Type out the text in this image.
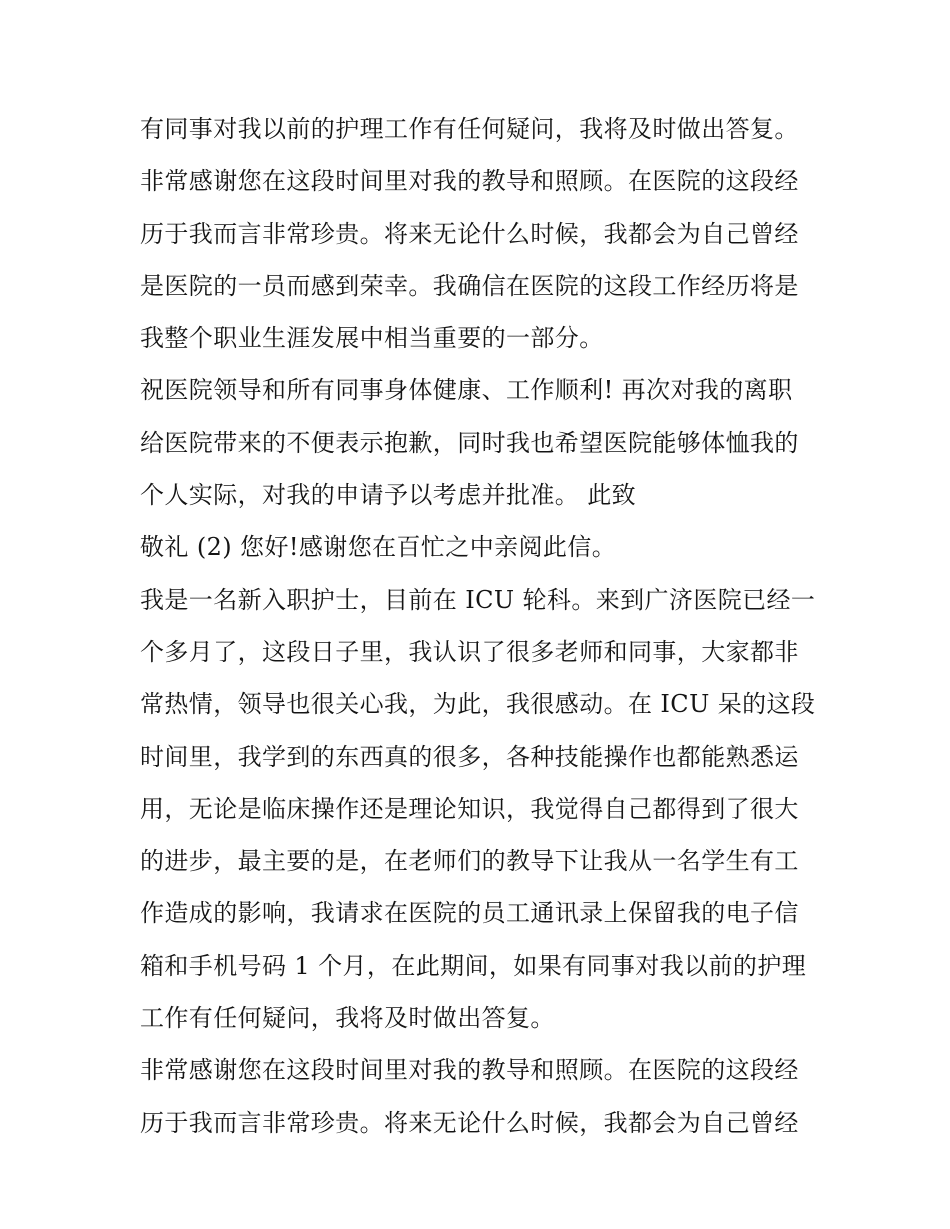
有同事对我以前的护理工作有任何疑问，我将及时做出答复。
非常感谢您在这段时间里对我的教导和照顾。在医院的这段经
历于我而言非常珍贵。将来无论什么时候，我都会为自己曾经
是医院的一员而感到荣幸。我确信在医院的这段工作经历将是
我整个职业生涯发展中相当重要的一部分。
祝医院领导和所有同事身体健康、工作顺利! 再次对我的离职
给医院带来的不便表示抱歉，同时我也希望医院能够体恤我的
个人实际，对我的申请予以考虑并批准。 此致
敬礼 (2) 您好!感谢您在百忙之中亲阅此信。
我是一名新入职护士，目前在 ICU 轮科。来到广济医院已经一
个多月了，这段日子里，我认识了很多老师和同事，大家都非
常热情，领导也很关心我，为此，我很感动。在 ICU 呆的这段
时间里，我学到的东西真的很多，各种技能操作也都能熟悉运
用，无论是临床操作还是理论知识，我觉得自己都得到了很大
的进步，最主要的是，在老师们的教导下让我从一名学生有工
作造成的影响，我请求在医院的员工通讯录上保留我的电子信
箱和手机号码 1 个月，在此期间，如果有同事对我以前的护理
工作有任何疑问，我将及时做出答复。
非常感谢您在这段时间里对我的教导和照顾。在医院的这段经
历于我而言非常珍贵。将来无论什么时候，我都会为自己曾经
